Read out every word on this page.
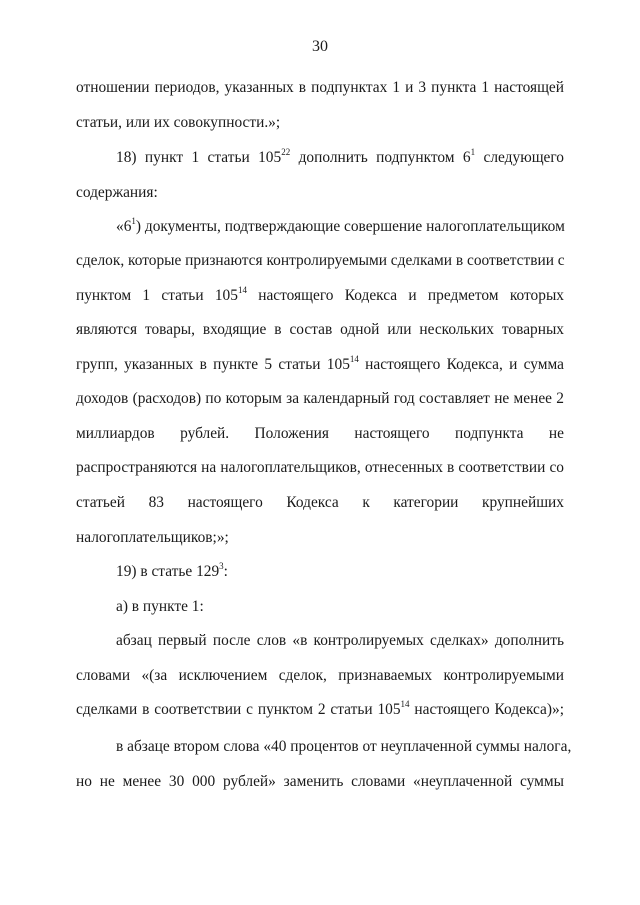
30
отношении периодов, указанных в подпунктах 1 и 3 пункта 1 настоящей
статьи, или их совокупности.»;
18) пункт 1 статьи $105^{22}$ дополнить подпунктом $6^1$ следующего
содержания:
«$6^1$) документы, подтверждающие совершение налогоплательщиком
сделок, которые признаются контролируемыми сделками в соответствии с
пунктом 1 статьи $105^{14}$ настоящего Кодекса и предметом которых
являются товары, входящие в состав одной или нескольких товарных
групп, указанных в пункте 5 статьи $105^{14}$ настоящего Кодекса, и сумма
доходов (расходов) по которым за календарный год составляет не менее 2
миллиардов рублей. Положения настоящего подпункта не
распространяются на налогоплательщиков, отнесенных в соответствии со
статьей 83 настоящего Кодекса к категории крупнейших
налогоплательщиков;»;
19) в статье $129^3$:
а) в пункте 1:
абзац первый после слов «в контролируемых сделках» дополнить
словами «(за исключением сделок, признаваемых контролируемыми
сделками в соответствии с пунктом 2 статьи $105^{14}$ настоящего Кодекса)»;
в абзаце втором слова «40 процентов от неуплаченной суммы налога,
но не менее 30 000 рублей» заменить словами «неуплаченной суммы
